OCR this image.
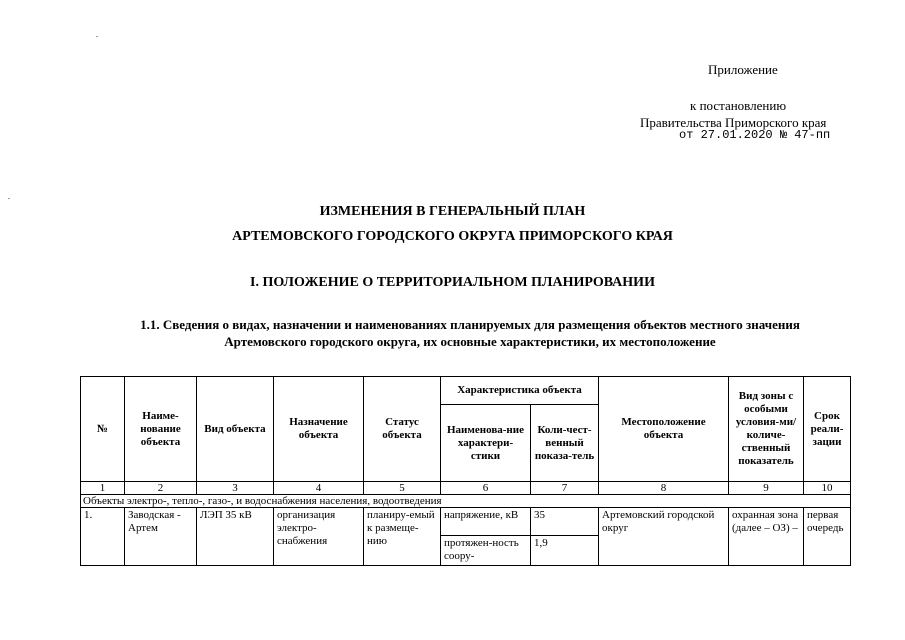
Приложение
к постановлению
Правительства Приморского края
от 27.01.2020 № 47-пп
ИЗМЕНЕНИЯ В ГЕНЕРАЛЬНЫЙ ПЛАН
АРТЕМОВСКОГО ГОРОДСКОГО ОКРУГА ПРИМОРСКОГО КРАЯ
I. ПОЛОЖЕНИЕ О ТЕРРИТОРИАЛЬНОМ ПЛАНИРОВАНИИ
1.1. Сведения о видах, назначении и наименованиях планируемых для размещения объектов местного значения
Артемовского городского округа, их основные характеристики, их местоположение
№	Наиме-нование объекта	Вид объекта	Назначение объекта	Статус объекта	Характеристика объекта		Местоположение объекта	Вид зоны с особыми условия-ми/ количе-ственный показатель	Срок реали-зации
					Наименова-ние характери-стики	Коли-чест-венный показа-тель			
1	2	3	4	5	6	7	8	9	10
Объекты электро-, тепло-, газо-, и водоснабжения населения, водоотведения									
1.	Заводская - Артем	ЛЭП 35 кВ	организация электро-снабжения	планиру-емый к размеще-нию	напряжение, кВ	35	Артемовский городской округ	охранная зона (далее – ОЗ) –	первая очередь
					протяжен-ность соору-	1,9			
